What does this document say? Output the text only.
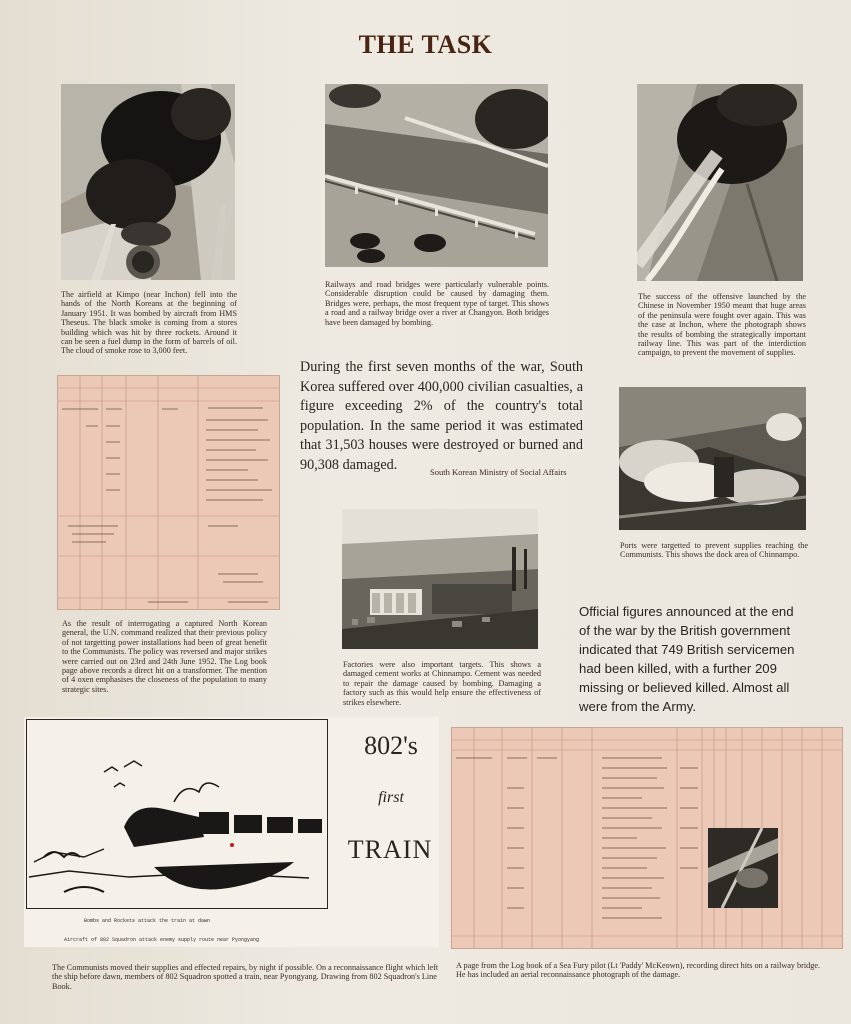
THE TASK
The airfield at Kimpo (near Inchon) fell into the hands of the North Koreans at the beginning of January 1951. It was bombed by aircraft from HMS Theseus. The black smoke is coming from a stores building which was hit by three rockets. Around it can be seen a fuel dump in the form of barrels of oil. The cloud of smoke rose to 3,000 feet.
Railways and road bridges were particularly vulnerable points. Considerable disruption could be caused by damaging them. Bridges were, perhaps, the most frequent type of target. This shows a road and a railway bridge over a river at Changyon. Both bridges have been damaged by bombing.
The success of the offensive launched by the Chinese in November 1950 meant that huge areas of the peninsula were fought over again. This was the case at Inchon, where the photograph shows the results of bombing the strategically important railway line. This was part of the interdiction campaign, to prevent the movement of supplies.
As the result of interrogating a captured North Korean general, the U.N. command realized that their previous policy of not targetting power installations had been of great benefit to the Communists. The policy was reversed and major strikes were carried out on 23rd and 24th June 1952. The Log book page above records a direct hit on a transformer. The mention of 4 oxen emphasises the closeness of the population to many strategic sites.
During the first seven months of the war, South Korea suffered over 400,000 civilian casualties, a figure exceeding 2% of the country's total population. In the same period it was estimated that 31,503 houses were destroyed or burned and 90,308 damaged.	South Korean Ministry of Social Affairs
Ports were targetted to prevent supplies reaching the Communists. This shows the dock area of Chinnampo.
Factories were also important targets. This shows a damaged cement works at Chinnampo. Cement was needed to repair the damage caused by bombing. Damaging a factory such as this would help ensure the effectiveness of strikes elsewhere.
Official figures announced at the end of the war by the British government indicated that 749 British servicemen had been killed, with a further 209 missing or believed killed. Almost all were from the Army.
Bombs and Rockets attack the train at dawn
Aircraft of 802 Squadron attack enemy supply route near Pyongyang
802's
first
TRAIN
The Communists moved their supplies and effected repairs, by night if possible. On a reconnaissance flight which left the ship before dawn, members of 802 Squadron spotted a train, near Pyongyang. Drawing from 802 Squadron's Line Book.
A page from the Log book of a Sea Fury pilot (Lt 'Paddy' McKeown), recording direct hits on a railway bridge. He has included an aerial reconnaissance photograph of the damage.
